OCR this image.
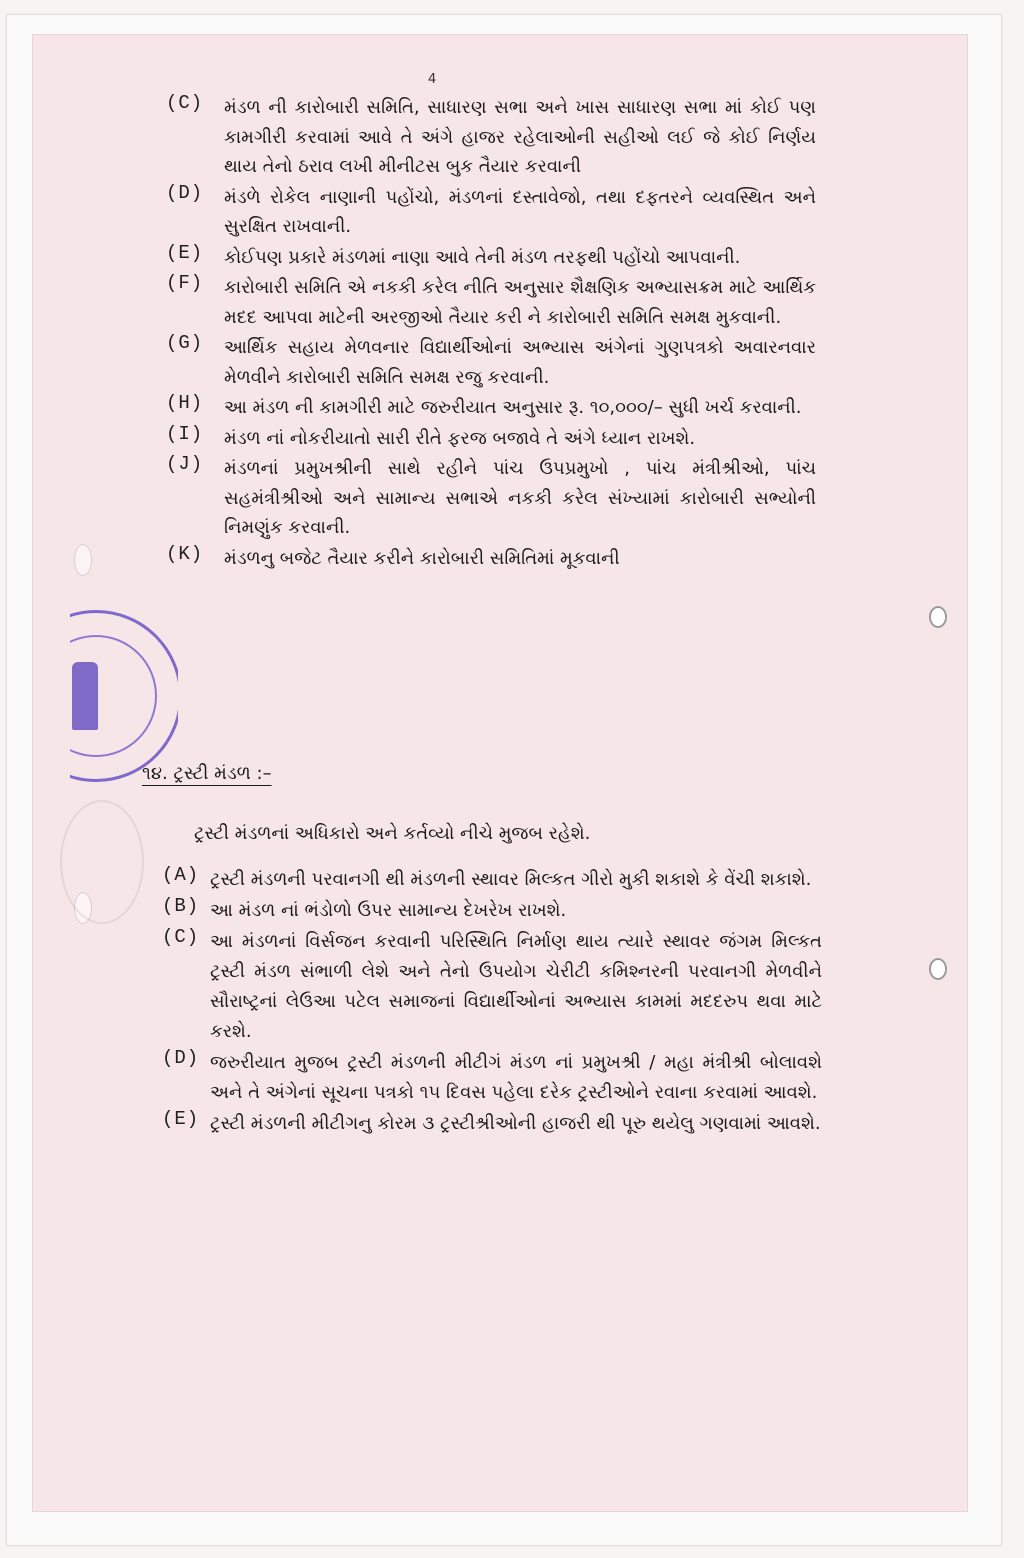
4
(C) મંડળ ની કારોબારી સમિતિ, સાધારણ સભા અને ખાસ સાધારણ સભા માં કોઈ પણ કામગીરી કરવામાં આવે તે અંગે હાજર રહેલાઓની સહીઓ લઈ જે કોઈ નિર્ણય થાય તેનો ઠરાવ લખી મીનીટસ બુક તૈયાર કરવાની
(D) મંડળે રોકેલ નાણાની પહોંચો, મંડળનાં દસ્તાવેજો, તથા દફતરને વ્યવસ્થિત અને સુરક્ષિત રાખવાની.
(E) કોઈપણ પ્રકારે મંડળમાં નાણા આવે તેની મંડળ તરફથી પહોંચો આપવાની.
(F) કારોબારી સમિતિ એ નકકી કરેલ નીતિ અનુસાર શૈક્ષણિક અભ્યાસક્રમ માટે આર્થિક મદદ આપવા માટેની અરજીઓ તૈયાર કરી ને કારોબારી સમિતિ સમક્ષ મુકવાની.
(G) આર્થિક સહાય મેળવનાર વિદ્યાર્થીઓનાં અભ્યાસ અંગેનાં ગુણપત્રકો અવારનવાર મેળવીને કારોબારી સમિતિ સમક્ષ રજુ કરવાની.
(H) આ મંડળ ની કામગીરી માટે જરુરીયાત અનુસાર રૂ. ૧૦,૦૦૦/– સુધી ખર્ચ કરવાની.
(I) મંડળ નાં નોકરીયાતો સારી રીતે ફરજ બજાવે તે અંગે ધ્યાન રાખશે.
(J) મંડળનાં પ્રમુખશ્રીની સાથે રહીને પાંચ ઉપપ્રમુખો , પાંચ મંત્રીશ્રીઓ, પાંચ સહમંત્રીશ્રીઓ અને સામાન્ય સભાએ નકકી કરેલ સંખ્યામાં કારોબારી સભ્યોની નિમણુંક કરવાની.
(K) મંડળનુ બજેટ તૈયાર કરીને કારોબારી સમિતિમાં મૂકવાની
૧૪. ટ્રસ્ટી મંડળ :–
ટ્રસ્ટી મંડળનાં અધિકારો અને કર્તવ્યો નીચે મુજબ રહેશે.
(A) ટ્રસ્ટી મંડળની પરવાનગી થી મંડળની સ્થાવર મિલ્કત ગીરો મુકી શકાશે કે વેંચી શકાશે.
(B) આ મંડળ નાં ભંડોળો ઉપર સામાન્ય દેખરેખ રાખશે.
(C) આ મંડળનાં વિર્સજન કરવાની પરિસ્થિતિ નિર્માણ થાય ત્યારે સ્થાવર જંગમ મિલ્કત ટ્રસ્ટી મંડળ સંભાળી લેશે અને તેનો ઉપયોગ ચેરીટી કમિશ્નરની પરવાનગી મેળવીને સૌરાષ્ટ્રનાં લેઉઆ પટેલ સમાજનાં વિદ્યાર્થીઓનાં અભ્યાસ કામમાં મદદરુપ થવા માટે કરશે.
(D) જરુરીયાત મુજબ ટ્રસ્ટી મંડળની મીટીગં મંડળ નાં પ્રમુખશ્રી / મહા મંત્રીશ્રી બોલાવશે અને તે અંગેનાં સૂચના પત્રકો ૧૫ દિવસ પહેલા દરેક ટ્રસ્ટીઓને રવાના કરવામાં આવશે.
(E) ટ્રસ્ટી મંડળની મીટીગનુ કોરમ ૩ ટ્રસ્ટીશ્રીઓની હાજરી થી પૂરુ થયેલુ ગણવામાં આવશે.
